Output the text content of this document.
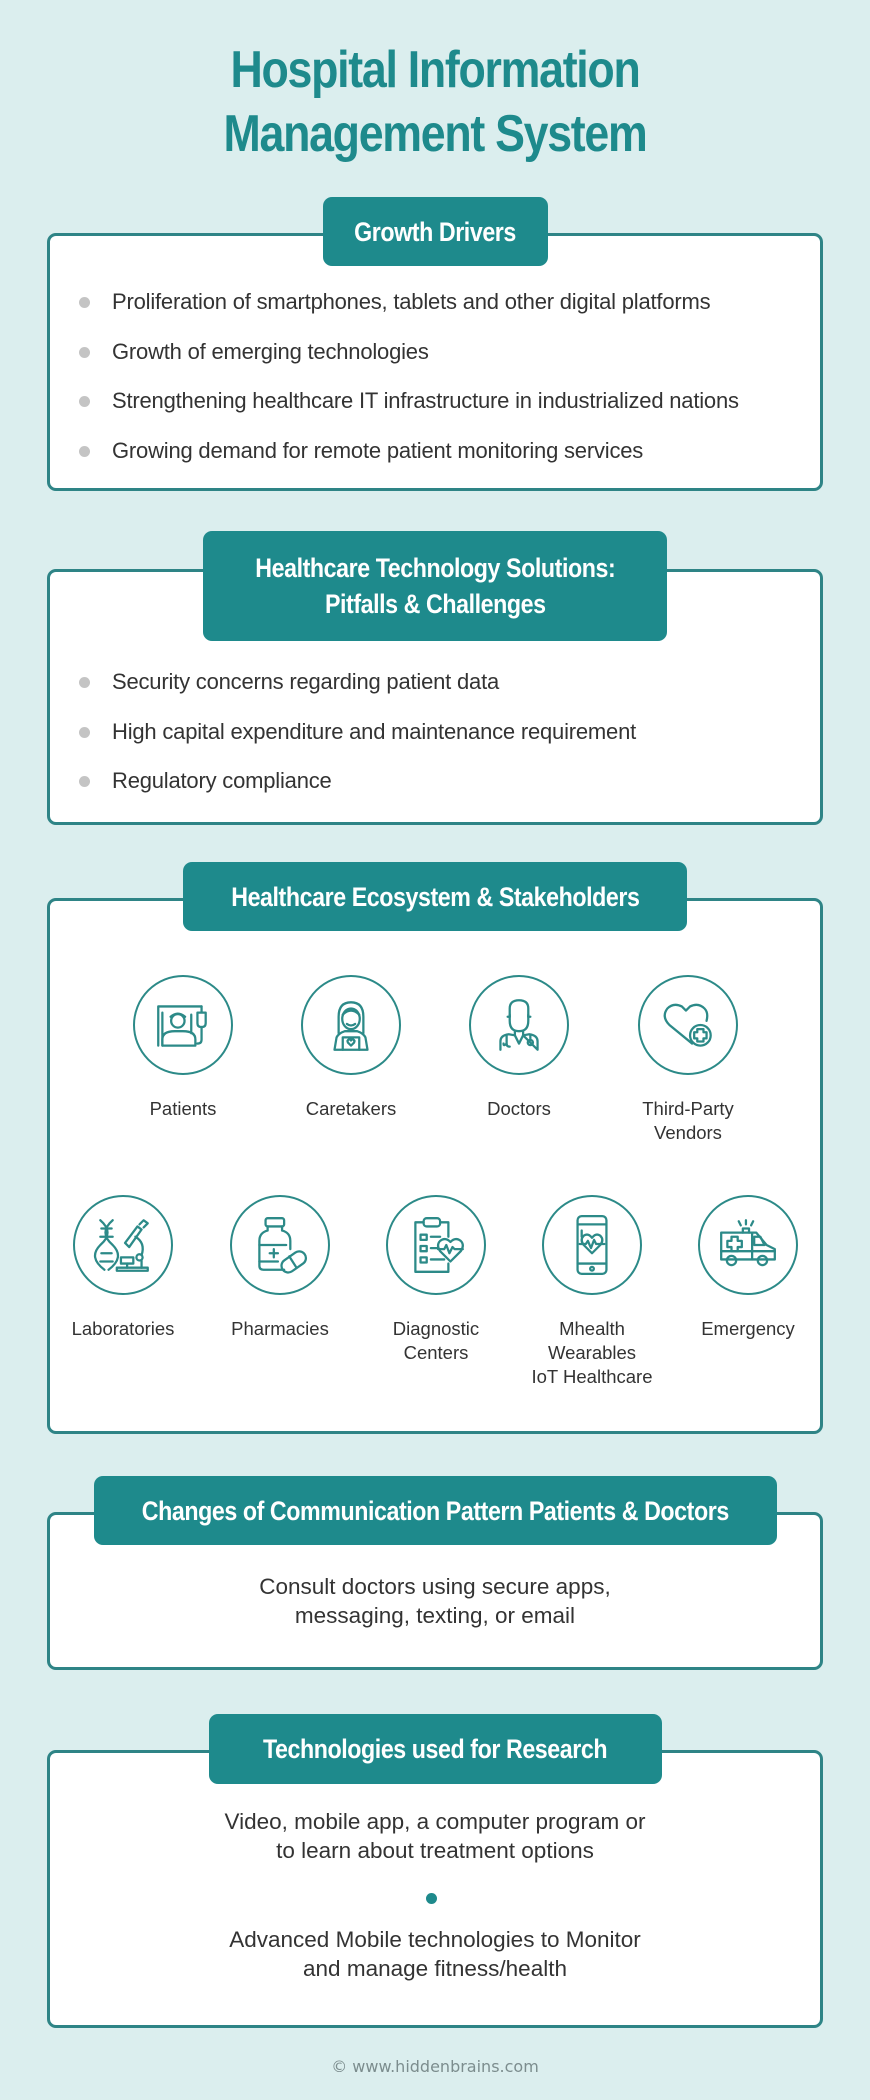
Hospital Information
Management System
Growth Drivers
Proliferation of smartphones, tablets and other digital platforms
Growth of emerging technologies
Strengthening healthcare IT infrastructure in industrialized nations
Growing demand for remote patient monitoring services
Healthcare Technology Solutions:
Pitfalls & Challenges
Security concerns regarding patient data
High capital expenditure and maintenance requirement
Regulatory compliance
Healthcare Ecosystem & Stakeholders
Patients	Caretakers	Doctors	Third-Party
Vendors
Laboratories	Pharmacies	Diagnostic
Centers
Mhealth
Wearables
IoT Healthcare
Emergency
Changes of Communication Pattern Patients & Doctors
Consult doctors using secure apps,
messaging, texting, or email
Technologies used for Research
Video, mobile app, a computer program or
to learn about treatment options
Advanced Mobile technologies to Monitor
and manage fitness/health
© www.hiddenbrains.com
